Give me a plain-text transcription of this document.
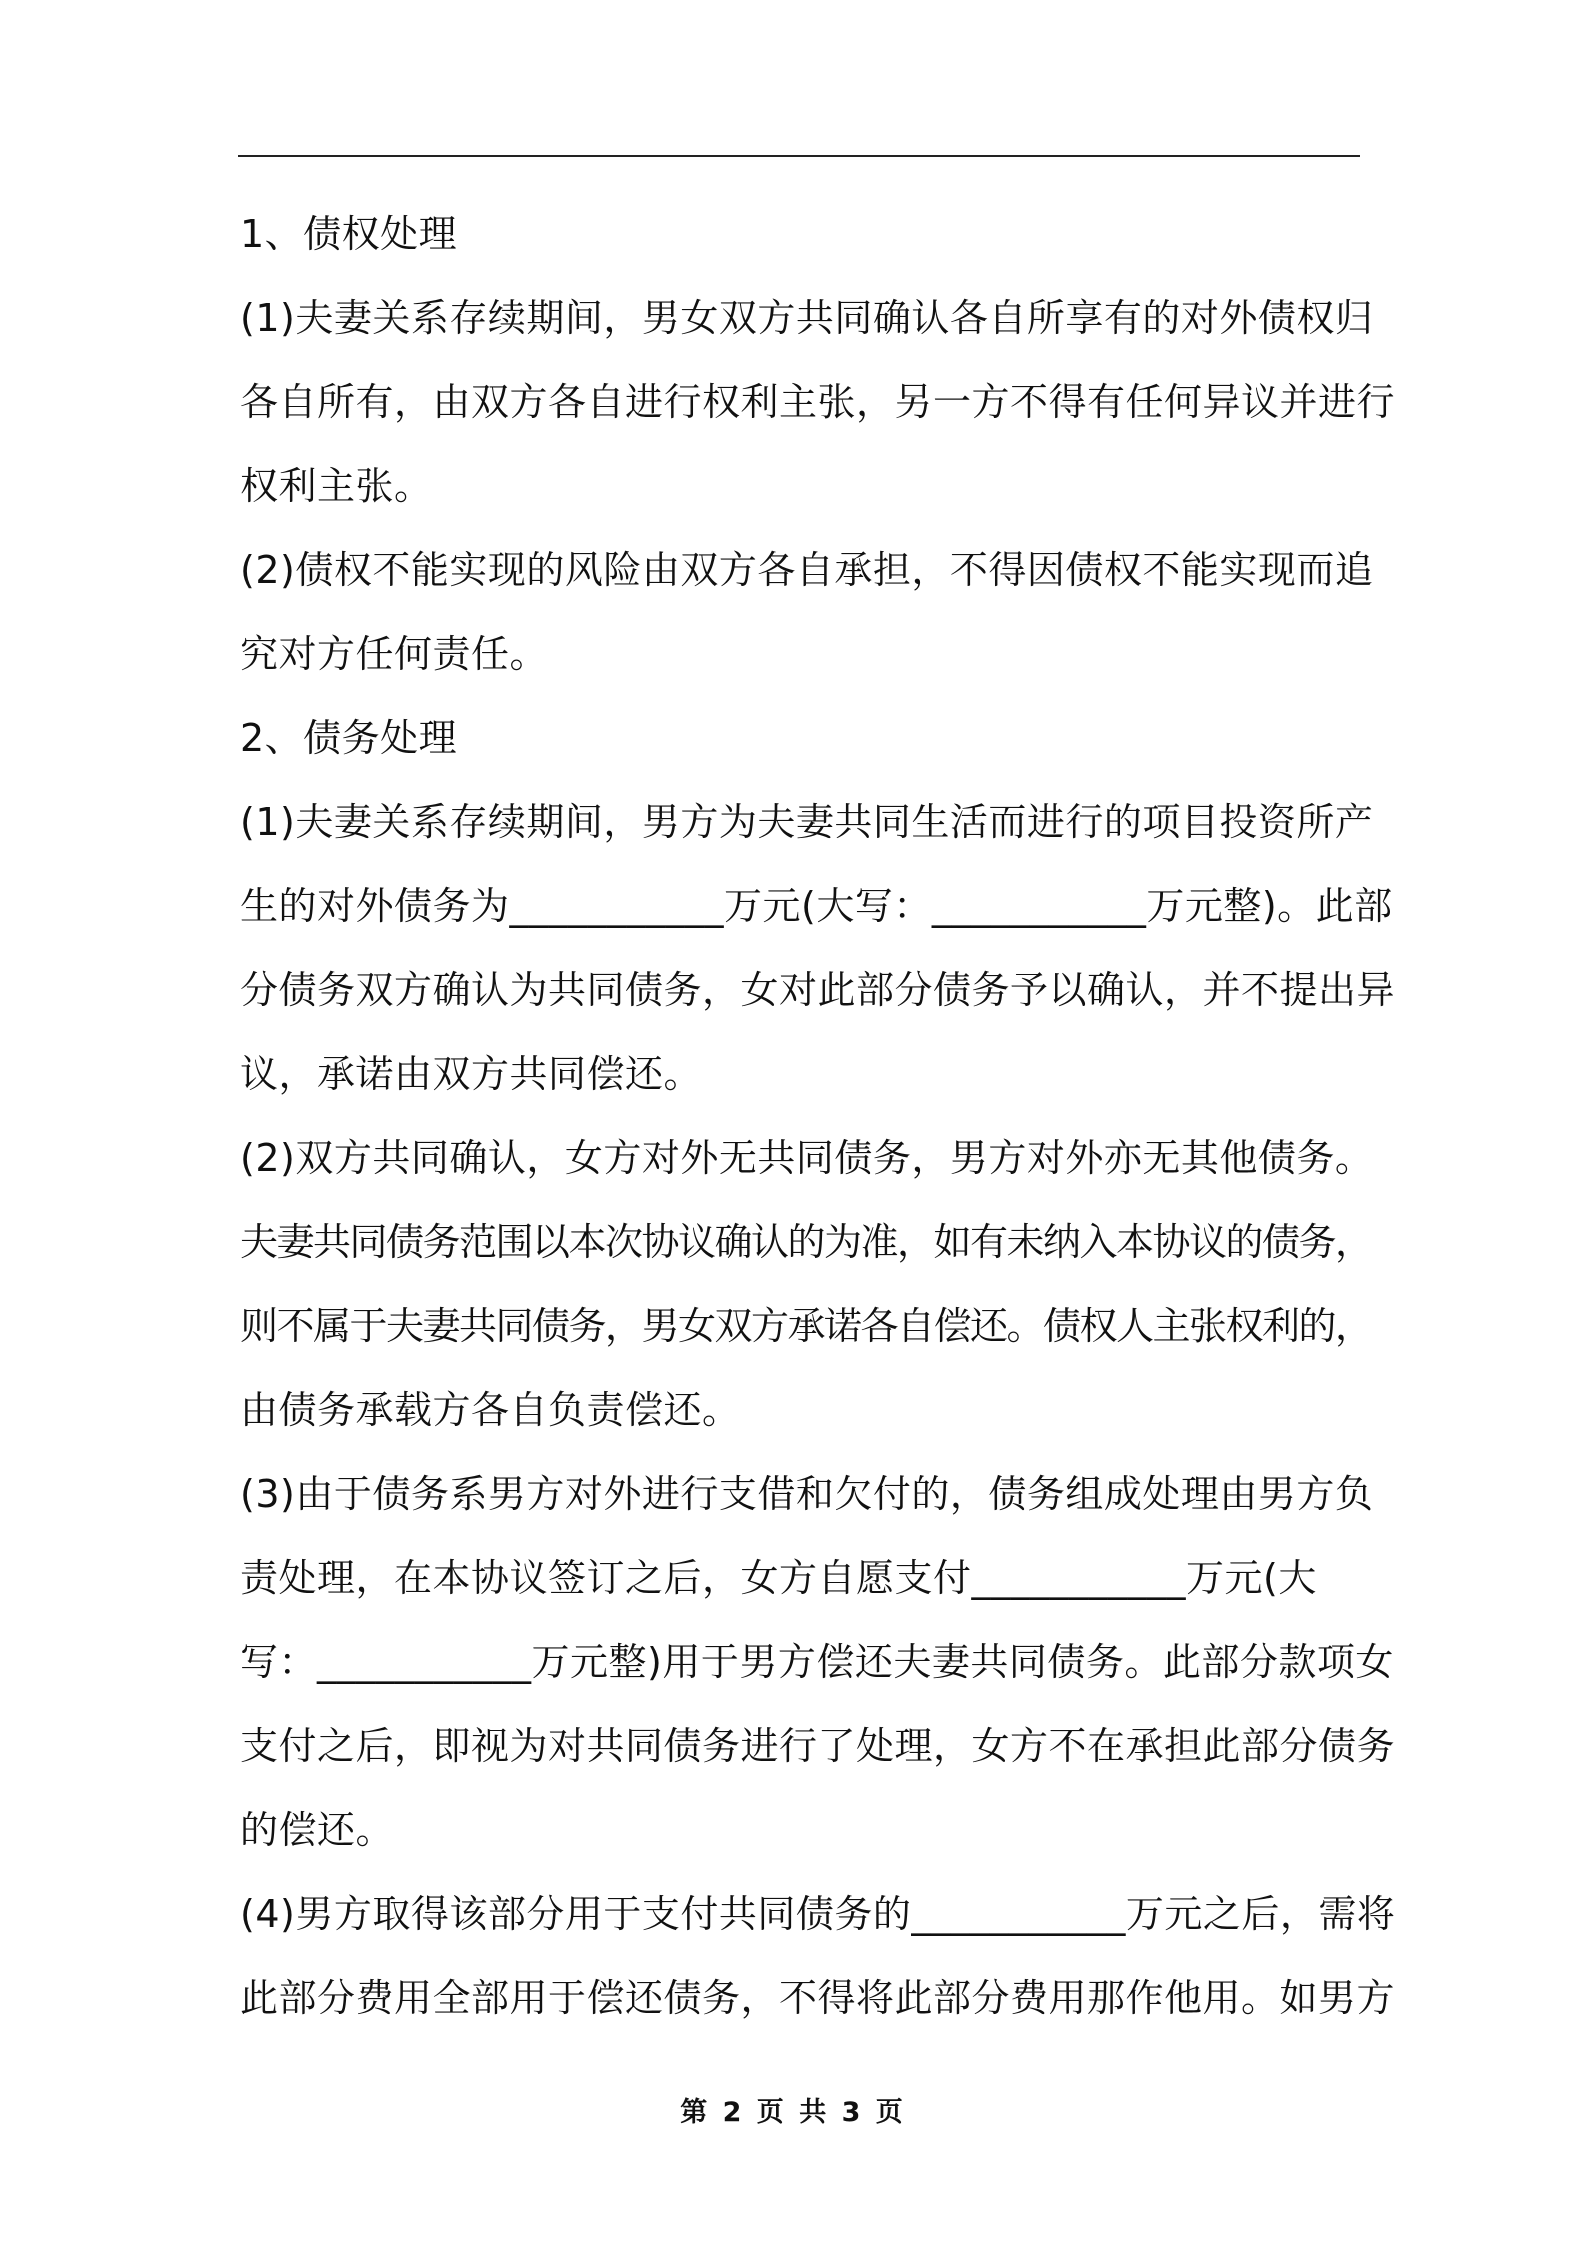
1、债权处理
(1)夫妻关系存续期间，男女双方共同确认各自所享有的对外债权归
各自所有，由双方各自进行权利主张，另一方不得有任何异议并进行
权利主张。
(2)债权不能实现的风险由双方各自承担，不得因债权不能实现而追
究对方任何责任。
2、债务处理
(1)夫妻关系存续期间，男方为夫妻共同生活而进行的项目投资所产
生的对外债务为___________万元(大写：___________万元整)。此部
分债务双方确认为共同债务，女对此部分债务予以确认，并不提出异
议，承诺由双方共同偿还。
(2)双方共同确认，女方对外无共同债务，男方对外亦无其他债务。
夫妻共同债务范围以本次协议确认的为准，如有未纳入本协议的债务，
则不属于夫妻共同债务，男女双方承诺各自偿还。债权人主张权利的，
由债务承载方各自负责偿还。
(3)由于债务系男方对外进行支借和欠付的，债务组成处理由男方负
责处理，在本协议签订之后，女方自愿支付___________万元(大
写：___________万元整)用于男方偿还夫妻共同债务。此部分款项女
支付之后，即视为对共同债务进行了处理，女方不在承担此部分债务
的偿还。
(4)男方取得该部分用于支付共同债务的___________万元之后，需将
此部分费用全部用于偿还债务，不得将此部分费用那作他用。如男方
第 2 页 共 3 页
